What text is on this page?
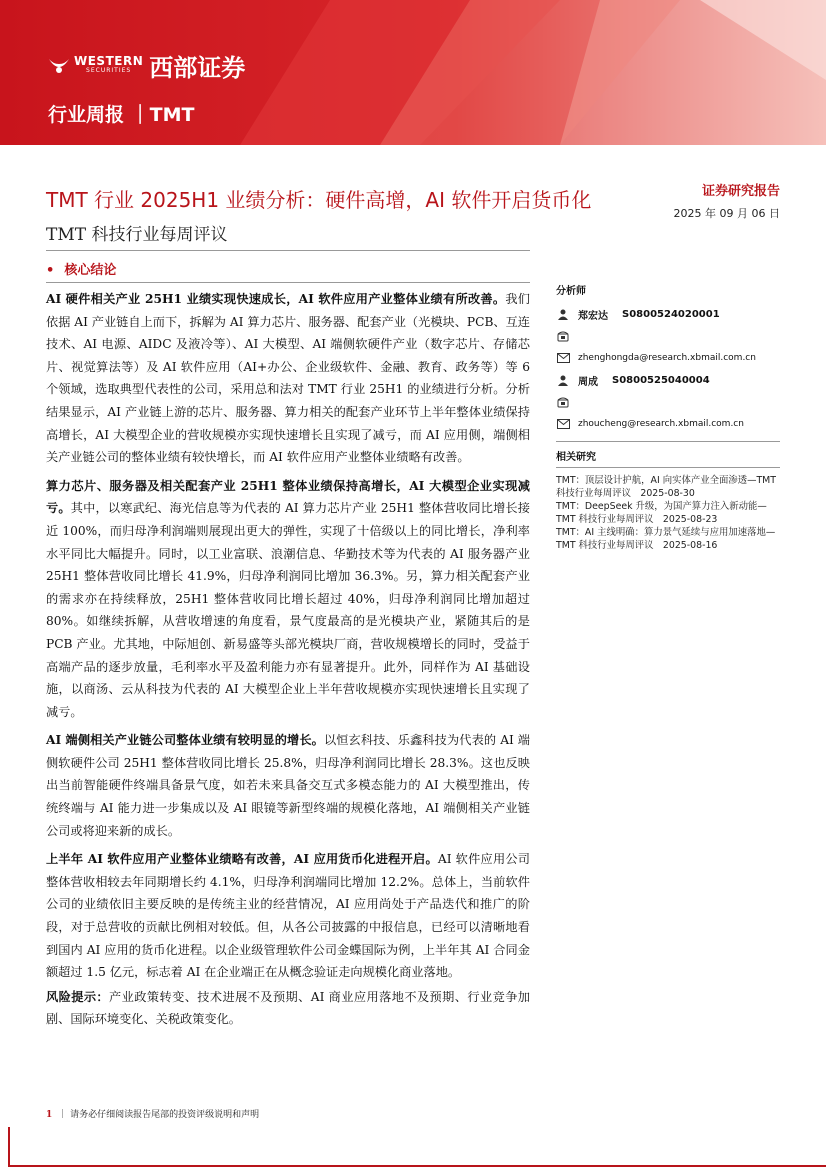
WESTERN
SECURITIES 西部证券
行业周报 ｜TMT
TMT 行业 2025H1 业绩分析：硬件高增，AI 软件开启货币化
TMT 科技行业每周评议
证券研究报告
2025 年 09 月 06 日
• 核心结论

AI 硬件相关产业 25H1 业绩实现快速成长，AI 软件应用产业整体业绩有所改善。我们依据 AI 产业链自上而下，拆解为 AI 算力芯片、服务器、配套产业（光模块、PCB、互连技术、AI 电源、AIDC 及液冷等）、AI 大模型、AI 端侧软硬件产业（数字芯片、存储芯片、视觉算法等）及 AI 软件应用（AI+办公、企业级软件、金融、教育、政务等）等 6 个领域，选取典型代表性的公司，采用总和法对 TMT 行业 25H1 的业绩进行分析。分析结果显示，AI 产业链上游的芯片、服务器、算力相关的配套产业环节上半年整体业绩保持高增长，AI 大模型企业的营收规模亦实现快速增长且实现了减亏，而 AI 应用侧，端侧相关产业链公司的整体业绩有较快增长，而 AI 软件应用产业整体业绩略有改善。

算力芯片、服务器及相关配套产业 25H1 整体业绩保持高增长，AI 大模型企业实现减亏。其中，以寒武纪、海光信息等为代表的 AI 算力芯片产业 25H1 整体营收同比增长接近 100%，而归母净利润端则展现出更大的弹性，实现了十倍级以上的同比增长，净利率水平同比大幅提升。同时，以工业富联、浪潮信息、华勤技术等为代表的 AI 服务器产业 25H1 整体营收同比增长 41.9%，归母净利润同比增加 36.3%。另，算力相关配套产业的需求亦在持续释放，25H1 整体营收同比增长超过 40%，归母净利润同比增加超过 80%。如继续拆解，从营收增速的角度看，景气度最高的是光模块产业，紧随其后的是 PCB 产业。尤其地，中际旭创、新易盛等头部光模块厂商，营收规模增长的同时，受益于高端产品的逐步放量，毛利率水平及盈利能力亦有显著提升。此外，同样作为 AI 基础设施，以商汤、云从科技为代表的 AI 大模型企业上半年营收规模亦实现快速增长且实现了减亏。

AI 端侧相关产业链公司整体业绩有较明显的增长。以恒玄科技、乐鑫科技为代表的 AI 端侧软硬件公司 25H1 整体营收同比增长 25.8%，归母净利润同比增长 28.3%。这也反映出当前智能硬件终端具备景气度，如若未来具备交互式多模态能力的 AI 大模型推出，传统终端与 AI 能力进一步集成以及 AI 眼镜等新型终端的规模化落地，AI 端侧相关产业链公司或将迎来新的成长。

上半年 AI 软件应用产业整体业绩略有改善，AI 应用货币化进程开启。AI 软件应用公司整体营收相较去年同期增长约 4.1%，归母净利润端同比增加 12.2%。总体上，当前软件公司的业绩依旧主要反映的是传统主业的经营情况，AI 应用尚处于产品迭代和推广的阶段，对于总营收的贡献比例相对较低。但，从各公司披露的中报信息，已经可以清晰地看到国内 AI 应用的货币化进程。以企业级管理软件公司金蝶国际为例，上半年其 AI 合同金额超过 1.5 亿元，标志着 AI 在企业端正在从概念验证走向规模化商业落地。

风险提示：产业政策转变、技术进展不及预期、AI 商业应用落地不及预期、行业竞争加剧、国际环境变化、关税政策变化。

分析师
郑宏达 S0800524020001
zhenghongda@research.xbmail.com.cn
周成 S0800525040004
zhoucheng@research.xbmail.com.cn
相关研究
TMT：顶层设计护航，AI 向实体产业全面渗透—TMT 科技行业每周评议　2025-08-30
TMT：DeepSeek 升级，为国产算力注入新动能—TMT 科技行业每周评议　2025-08-23
TMT：AI 主线明确：算力景气延续与应用加速落地—TMT 科技行业每周评议　2025-08-16
1 ｜ 请务必仔细阅读报告尾部的投资评级说明和声明
